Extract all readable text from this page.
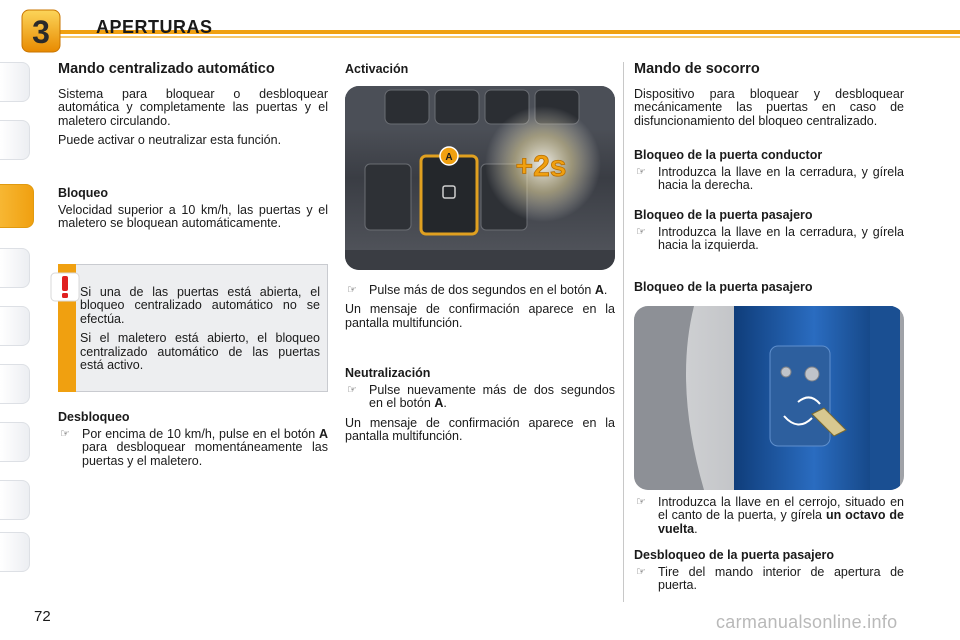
3	APERTURAS
Mando centralizado automático

Sistema para bloquear o desbloquear automática y completamente las puertas y el maletero circulando.

Puede activar o neutralizar esta función.

Bloqueo

Velocidad superior a 10 km/h, las puertas y el maletero se bloquean automáticamente.

Si una de las puertas está abierta, el bloqueo centralizado automático no se efectúa.

Si el maletero está abierto, el bloqueo centralizado automático de las puertas está activo.

Desbloqueo
☞ Por encima de 10 km/h, pulse en el botón A para desbloquear momentáneamente las puertas y el maletero.
Activación
A +2s
☞ Pulse más de dos segundos en el botón A.

Un mensaje de confirmación aparece en la pantalla multifunción.

Neutralización
☞ Pulse nuevamente más de dos segundos en el botón A.

Un mensaje de confirmación aparece en la pantalla multifunción.

Mando de socorro

Dispositivo para bloquear y desbloquear mecánicamente las puertas en caso de disfuncionamiento del bloqueo centralizado.

Bloqueo de la puerta conductor
☞ Introduzca la llave en la cerradura, y gírela hacia la derecha.
Bloqueo de la puerta pasajero
☞ Introduzca la llave en la cerradura, y gírela hacia la izquierda.
Bloqueo de la puerta pasajero
☞ Introduzca la llave en el cerrojo, situado en el canto de la puerta, y gírela un octavo de vuelta.
Desbloqueo de la puerta pasajero
☞ Tire del mando interior de apertura de puerta.
72	carmanualsonline.info
